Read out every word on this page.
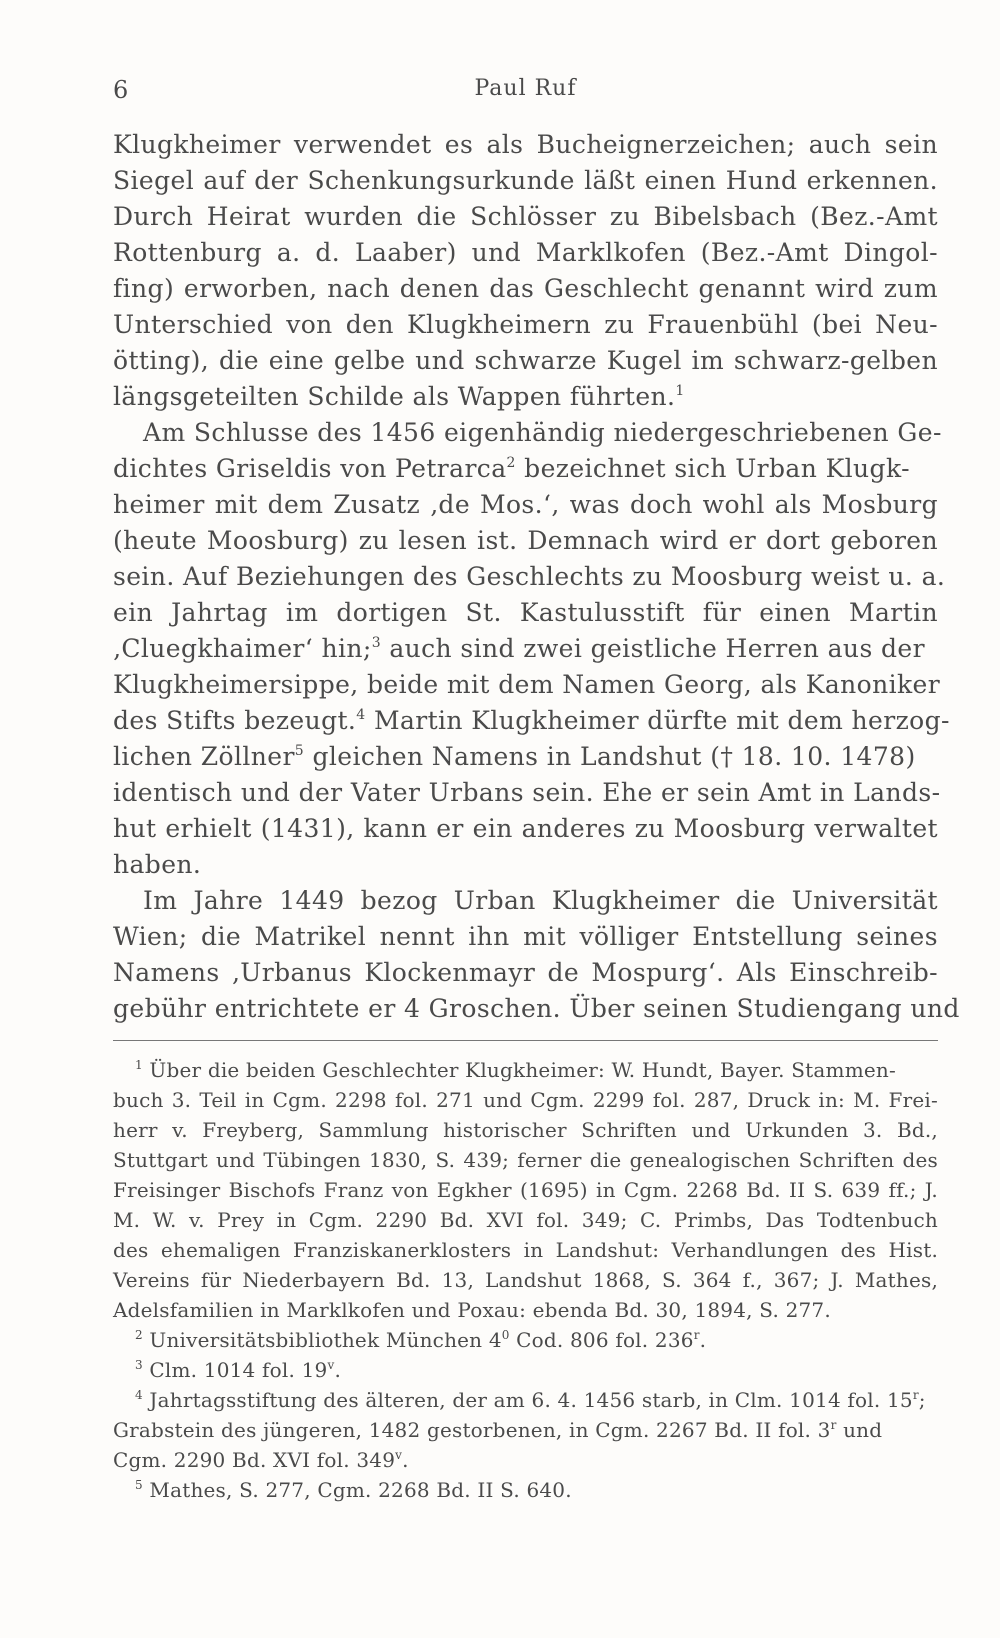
6	Paul Ruf
Klugkheimer verwendet es als Bucheignerzeichen; auch sein
Siegel auf der Schenkungsurkunde läßt einen Hund erkennen.
Durch Heirat wurden die Schlösser zu Bibelsbach (Bez.-Amt
Rottenburg a. d. Laaber) und Marklkofen (Bez.-Amt Dingol-
fing) erworben, nach denen das Geschlecht genannt wird zum
Unterschied von den Klugkheimern zu Frauenbühl (bei Neu-
ötting), die eine gelbe und schwarze Kugel im schwarz-gelben
längsgeteilten Schilde als Wappen führten.$^1$
Am Schlusse des 1456 eigenhändig niedergeschriebenen Ge-
dichtes Griseldis von Petrarca$^2$ bezeichnet sich Urban Klugk-
heimer mit dem Zusatz ‚de Mos.‘, was doch wohl als Mosburg
(heute Moosburg) zu lesen ist. Demnach wird er dort geboren
sein. Auf Beziehungen des Geschlechts zu Moosburg weist u. a.
ein Jahrtag im dortigen St. Kastulusstift für einen Martin
‚Cluegkhaimer‘ hin;$^3$ auch sind zwei geistliche Herren aus der
Klugkheimersippe, beide mit dem Namen Georg, als Kanoniker
des Stifts bezeugt.$^4$ Martin Klugkheimer dürfte mit dem herzog-
lichen Zöllner$^5$ gleichen Namens in Landshut († 18. 10. 1478)
identisch und der Vater Urbans sein. Ehe er sein Amt in Lands-
hut erhielt (1431), kann er ein anderes zu Moosburg verwaltet
haben.
Im Jahre 1449 bezog Urban Klugkheimer die Universität
Wien; die Matrikel nennt ihn mit völliger Entstellung seines
Namens ‚Urbanus Klockenmayr de Mospurg‘. Als Einschreib-
gebühr entrichtete er 4 Groschen. Über seinen Studiengang und
$^1$ Über die beiden Geschlechter Klugkheimer: W. Hundt, Bayer. Stammen-
buch 3. Teil in Cgm. 2298 fol. 271 und Cgm. 2299 fol. 287, Druck in: M. Frei-
herr v. Freyberg, Sammlung historischer Schriften und Urkunden 3. Bd.,
Stuttgart und Tübingen 1830, S. 439; ferner die genealogischen Schriften des
Freisinger Bischofs Franz von Egkher (1695) in Cgm. 2268 Bd. II S. 639 ff.; J.
M. W. v. Prey in Cgm. 2290 Bd. XVI fol. 349; C. Primbs, Das Todtenbuch
des ehemaligen Franziskanerklosters in Landshut: Verhandlungen des Hist.
Vereins für Niederbayern Bd. 13, Landshut 1868, S. 364 f., 367; J. Mathes,
Adelsfamilien in Marklkofen und Poxau: ebenda Bd. 30, 1894, S. 277.
$^2$ Universitätsbibliothek München 4$^0$ Cod. 806 fol. 236$^r$.
$^3$ Clm. 1014 fol. 19$^v$.
$^4$ Jahrtagsstiftung des älteren, der am 6. 4. 1456 starb, in Clm. 1014 fol. 15$^r$;
Grabstein des jüngeren, 1482 gestorbenen, in Cgm. 2267 Bd. II fol. 3$^r$ und
Cgm. 2290 Bd. XVI fol. 349$^v$.
$^5$ Mathes, S. 277, Cgm. 2268 Bd. II S. 640.
